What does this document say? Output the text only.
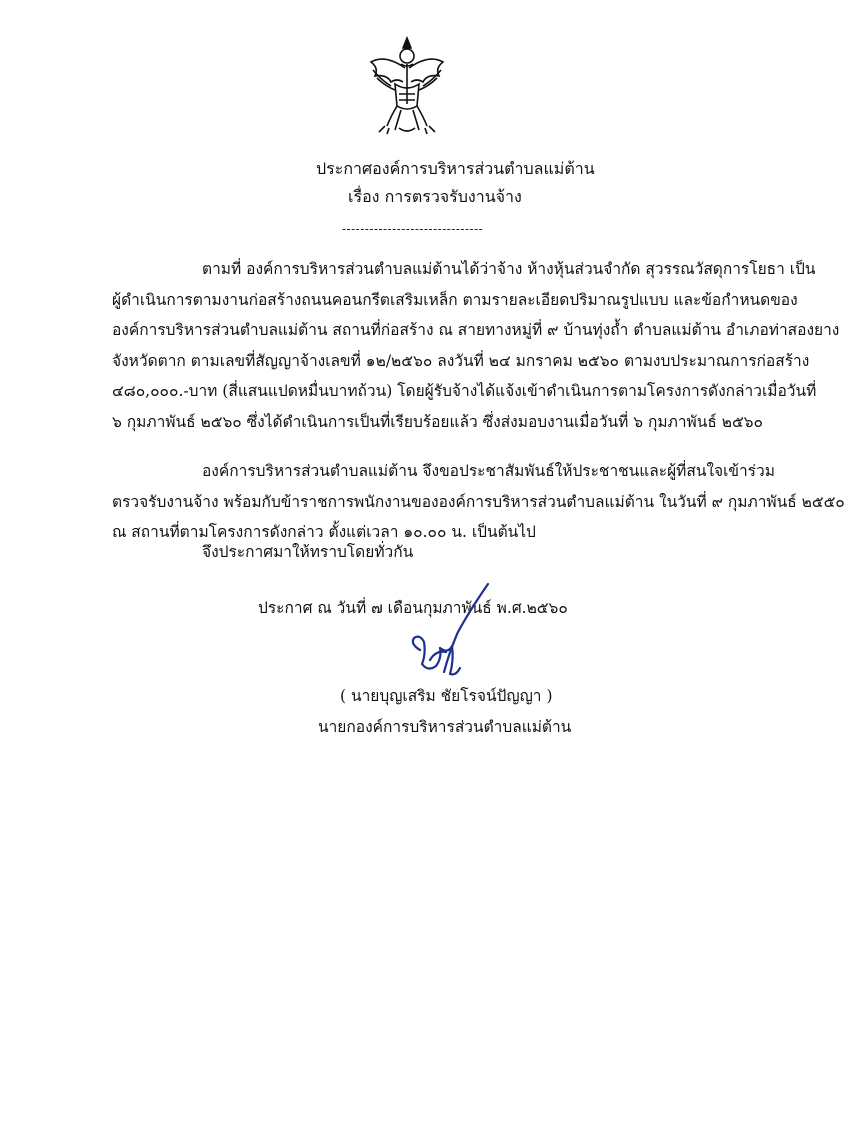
ประกาศองค์การบริหารส่วนตำบลแม่ต้าน
เรื่อง การตรวจรับงานจ้าง
-------------------------------
ตามที่ องค์การบริหารส่วนตำบลแม่ต้านได้ว่าจ้าง ห้างหุ้นส่วนจำกัด สุวรรณวัสดุการโยธา เป็น
ผู้ดำเนินการตามงานก่อสร้างถนนคอนกรีตเสริมเหล็ก ตามรายละเอียดปริมาณรูปแบบ และข้อกำหนดของ
องค์การบริหารส่วนตำบลแม่ต้าน สถานที่ก่อสร้าง ณ สายทางหมู่ที่ ๙ บ้านทุ่งถ้ำ ตำบลแม่ต้าน อำเภอท่าสองยาง
จังหวัดตาก ตามเลขที่สัญญาจ้างเลขที่ ๑๒/๒๕๖๐ ลงวันที่ ๒๔ มกราคม ๒๕๖๐ ตามงบประมาณการก่อสร้าง
๔๘๐,๐๐๐.-บาท (สี่แสนแปดหมื่นบาทถ้วน) โดยผู้รับจ้างได้แจ้งเข้าดำเนินการตามโครงการดังกล่าวเมื่อวันที่
๖ กุมภาพันธ์ ๒๕๖๐ ซึ่งได้ดำเนินการเป็นที่เรียบร้อยแล้ว ซึ่งส่งมอบงานเมื่อวันที่ ๖ กุมภาพันธ์ ๒๕๖๐
องค์การบริหารส่วนตำบลแม่ต้าน จึงขอประชาสัมพันธ์ให้ประชาชนและผู้ที่สนใจเข้าร่วม
ตรวจรับงานจ้าง พร้อมกับข้าราชการพนักงานขององค์การบริหารส่วนตำบลแม่ต้าน ในวันที่ ๙ กุมภาพันธ์ ๒๕๕๐
ณ สถานที่ตามโครงการดังกล่าว ตั้งแต่เวลา ๑๐.๐๐ น. เป็นต้นไป
จึงประกาศมาให้ทราบโดยทั่วกัน
ประกาศ ณ วันที่ ๗ เดือนกุมภาพันธ์ พ.ศ.๒๕๖๐
( นายบุญเสริม ชัยโรจน์ปัญญา )
นายกองค์การบริหารส่วนตำบลแม่ต้าน
